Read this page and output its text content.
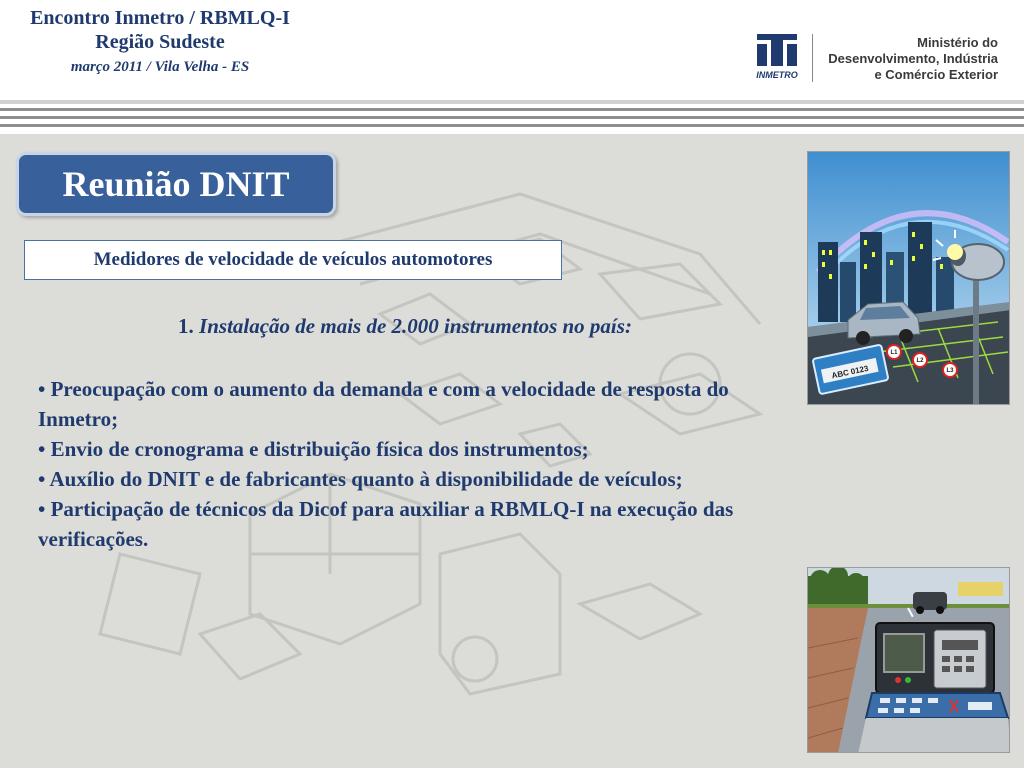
Encontro Inmetro / RBMLQ-I
Região Sudeste
março 2011 / Vila Velha - ES	INMETRO
Ministério do
Desenvolvimento, Indústria
e Comércio Exterior
Reunião DNIT
Medidores de velocidade de veículos automotores
1. Instalação de mais de 2.000 instrumentos no país:

• Preocupação com o aumento da demanda e com a velocidade de resposta do Inmetro;

• Envio de cronograma e distribuição física dos instrumentos;

• Auxílio do DNIT e de fabricantes quanto à disponibilidade de veículos;

• Participação de técnicos da Dicof para auxiliar a RBMLQ-I na execução das verificações.

ABC 0123
L1
L2
L3
